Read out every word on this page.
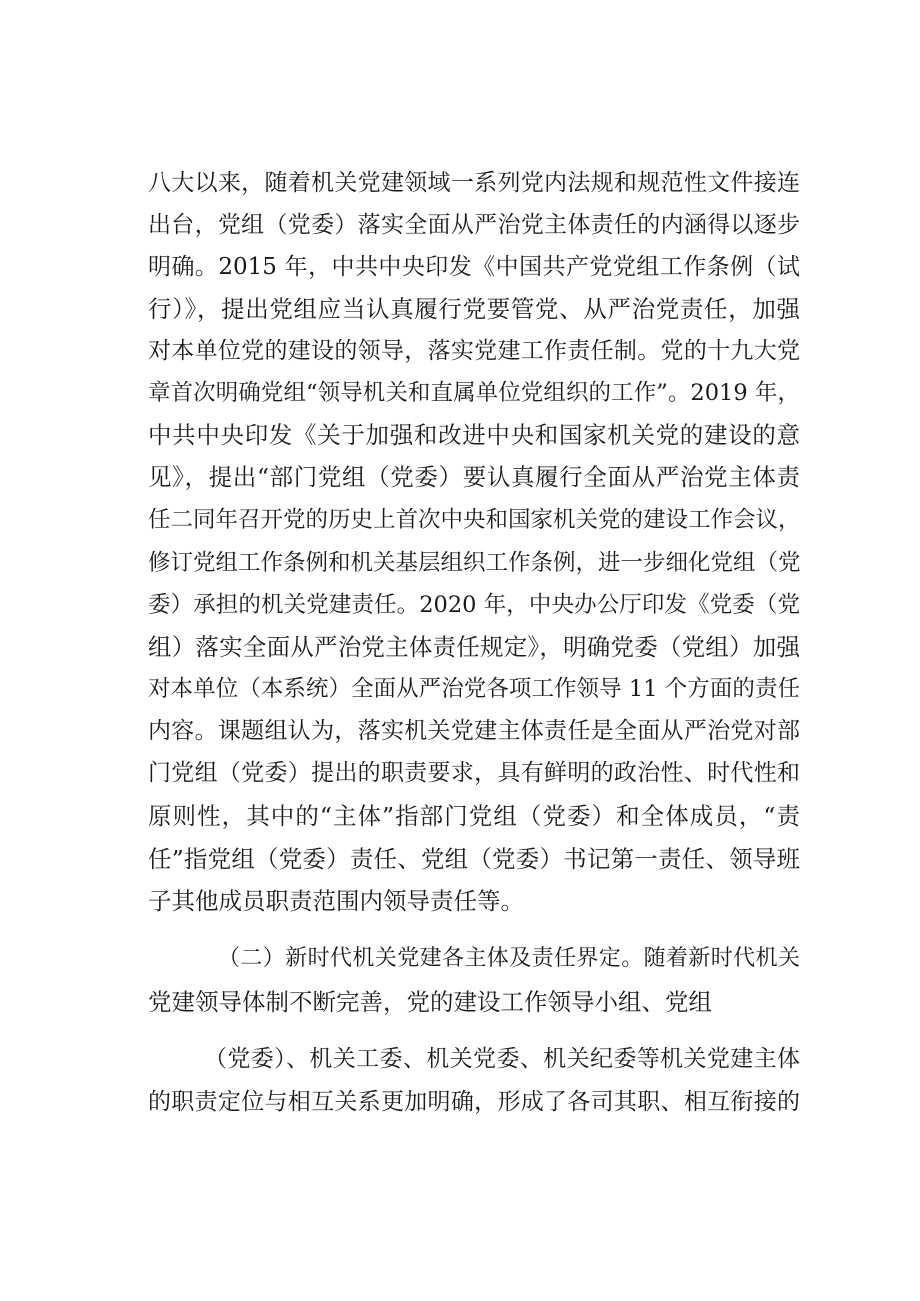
八大以来，随着机关党建领域一系列党内法规和规范性文件接连
出台，党组（党委）落实全面从严治党主体责任的内涵得以逐步
明确。2015 年，中共中央印发《中国共产党党组工作条例（试
行）》，提出党组应当认真履行党要管党、从严治党责任，加强
对本单位党的建设的领导，落实党建工作责任制。党的十九大党
章首次明确党组“领导机关和直属单位党组织的工作”。2019 年，
中共中央印发《关于加强和改进中央和国家机关党的建设的意
见》，提出“部门党组（党委）要认真履行全面从严治党主体责
任二同年召开党的历史上首次中央和国家机关党的建设工作会议，
修订党组工作条例和机关基层组织工作条例，进一步细化党组（党
委）承担的机关党建责任。2020 年，中央办公厅印发《党委（党
组）落实全面从严治党主体责任规定》，明确党委（党组）加强
对本单位（本系统）全面从严治党各项工作领导 11 个方面的责任
内容。课题组认为，落实机关党建主体责任是全面从严治党对部
门党组（党委）提出的职责要求，具有鲜明的政治性、时代性和
原则性，其中的“主体”指部门党组（党委）和全体成员，“责
任”指党组（党委）责任、党组（党委）书记第一责任、领导班
子其他成员职责范围内领导责任等。
（二）新时代机关党建各主体及责任界定。随着新时代机关
党建领导体制不断完善，党的建设工作领导小组、党组
（党委）、机关工委、机关党委、机关纪委等机关党建主体
的职责定位与相互关系更加明确，形成了各司其职、相互衔接的
